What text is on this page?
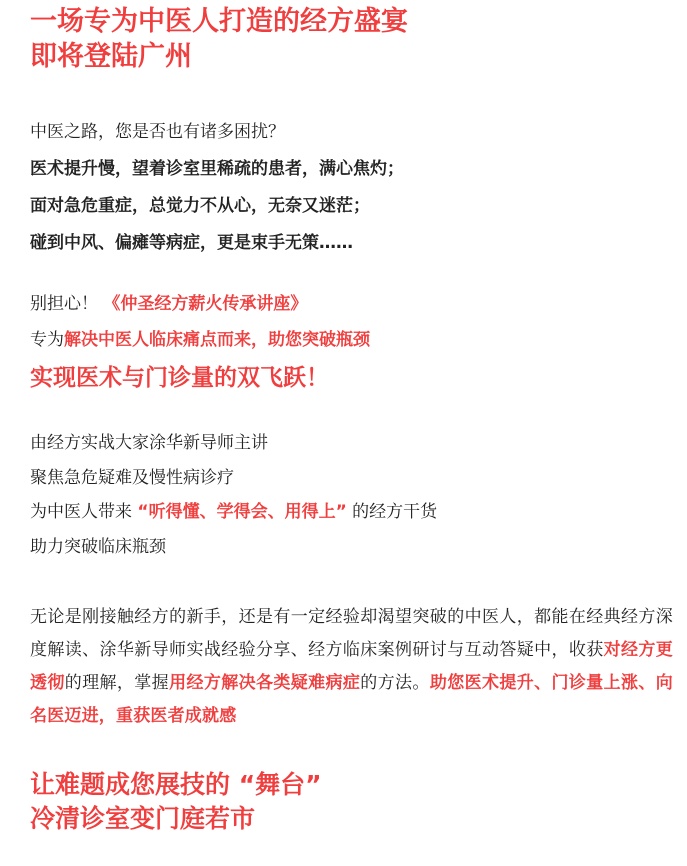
一场专为中医人打造的经方盛宴
即将登陆广州
中医之路，您是否也有诸多困扰？
医术提升慢，望着诊室里稀疏的患者，满心焦灼；
面对急危重症，总觉力不从心，无奈又迷茫；
碰到中风、偏瘫等病症，更是束手无策……
别担心！ 《仲圣经方薪火传承讲座》
专为解决中医人临床痛点而来，助您突破瓶颈
实现医术与门诊量的双飞跃！
由经方实战大家涂华新导师主讲
聚焦急危疑难及慢性病诊疗
为中医人带来 “听得懂、学得会、用得上” 的经方干货
助力突破临床瓶颈
无论是刚接触经方的新手，还是有一定经验却渴望突破的中医人，都能在经典经方深度解读、涂华新导师实战经验分享、经方临床案例研讨与互动答疑中，收获对经方更透彻的理解，掌握用经方解决各类疑难病症的方法。助您医术提升、门诊量上涨、向名医迈进，重获医者成就感
让难题成您展技的 “舞台”
冷清诊室变门庭若市
